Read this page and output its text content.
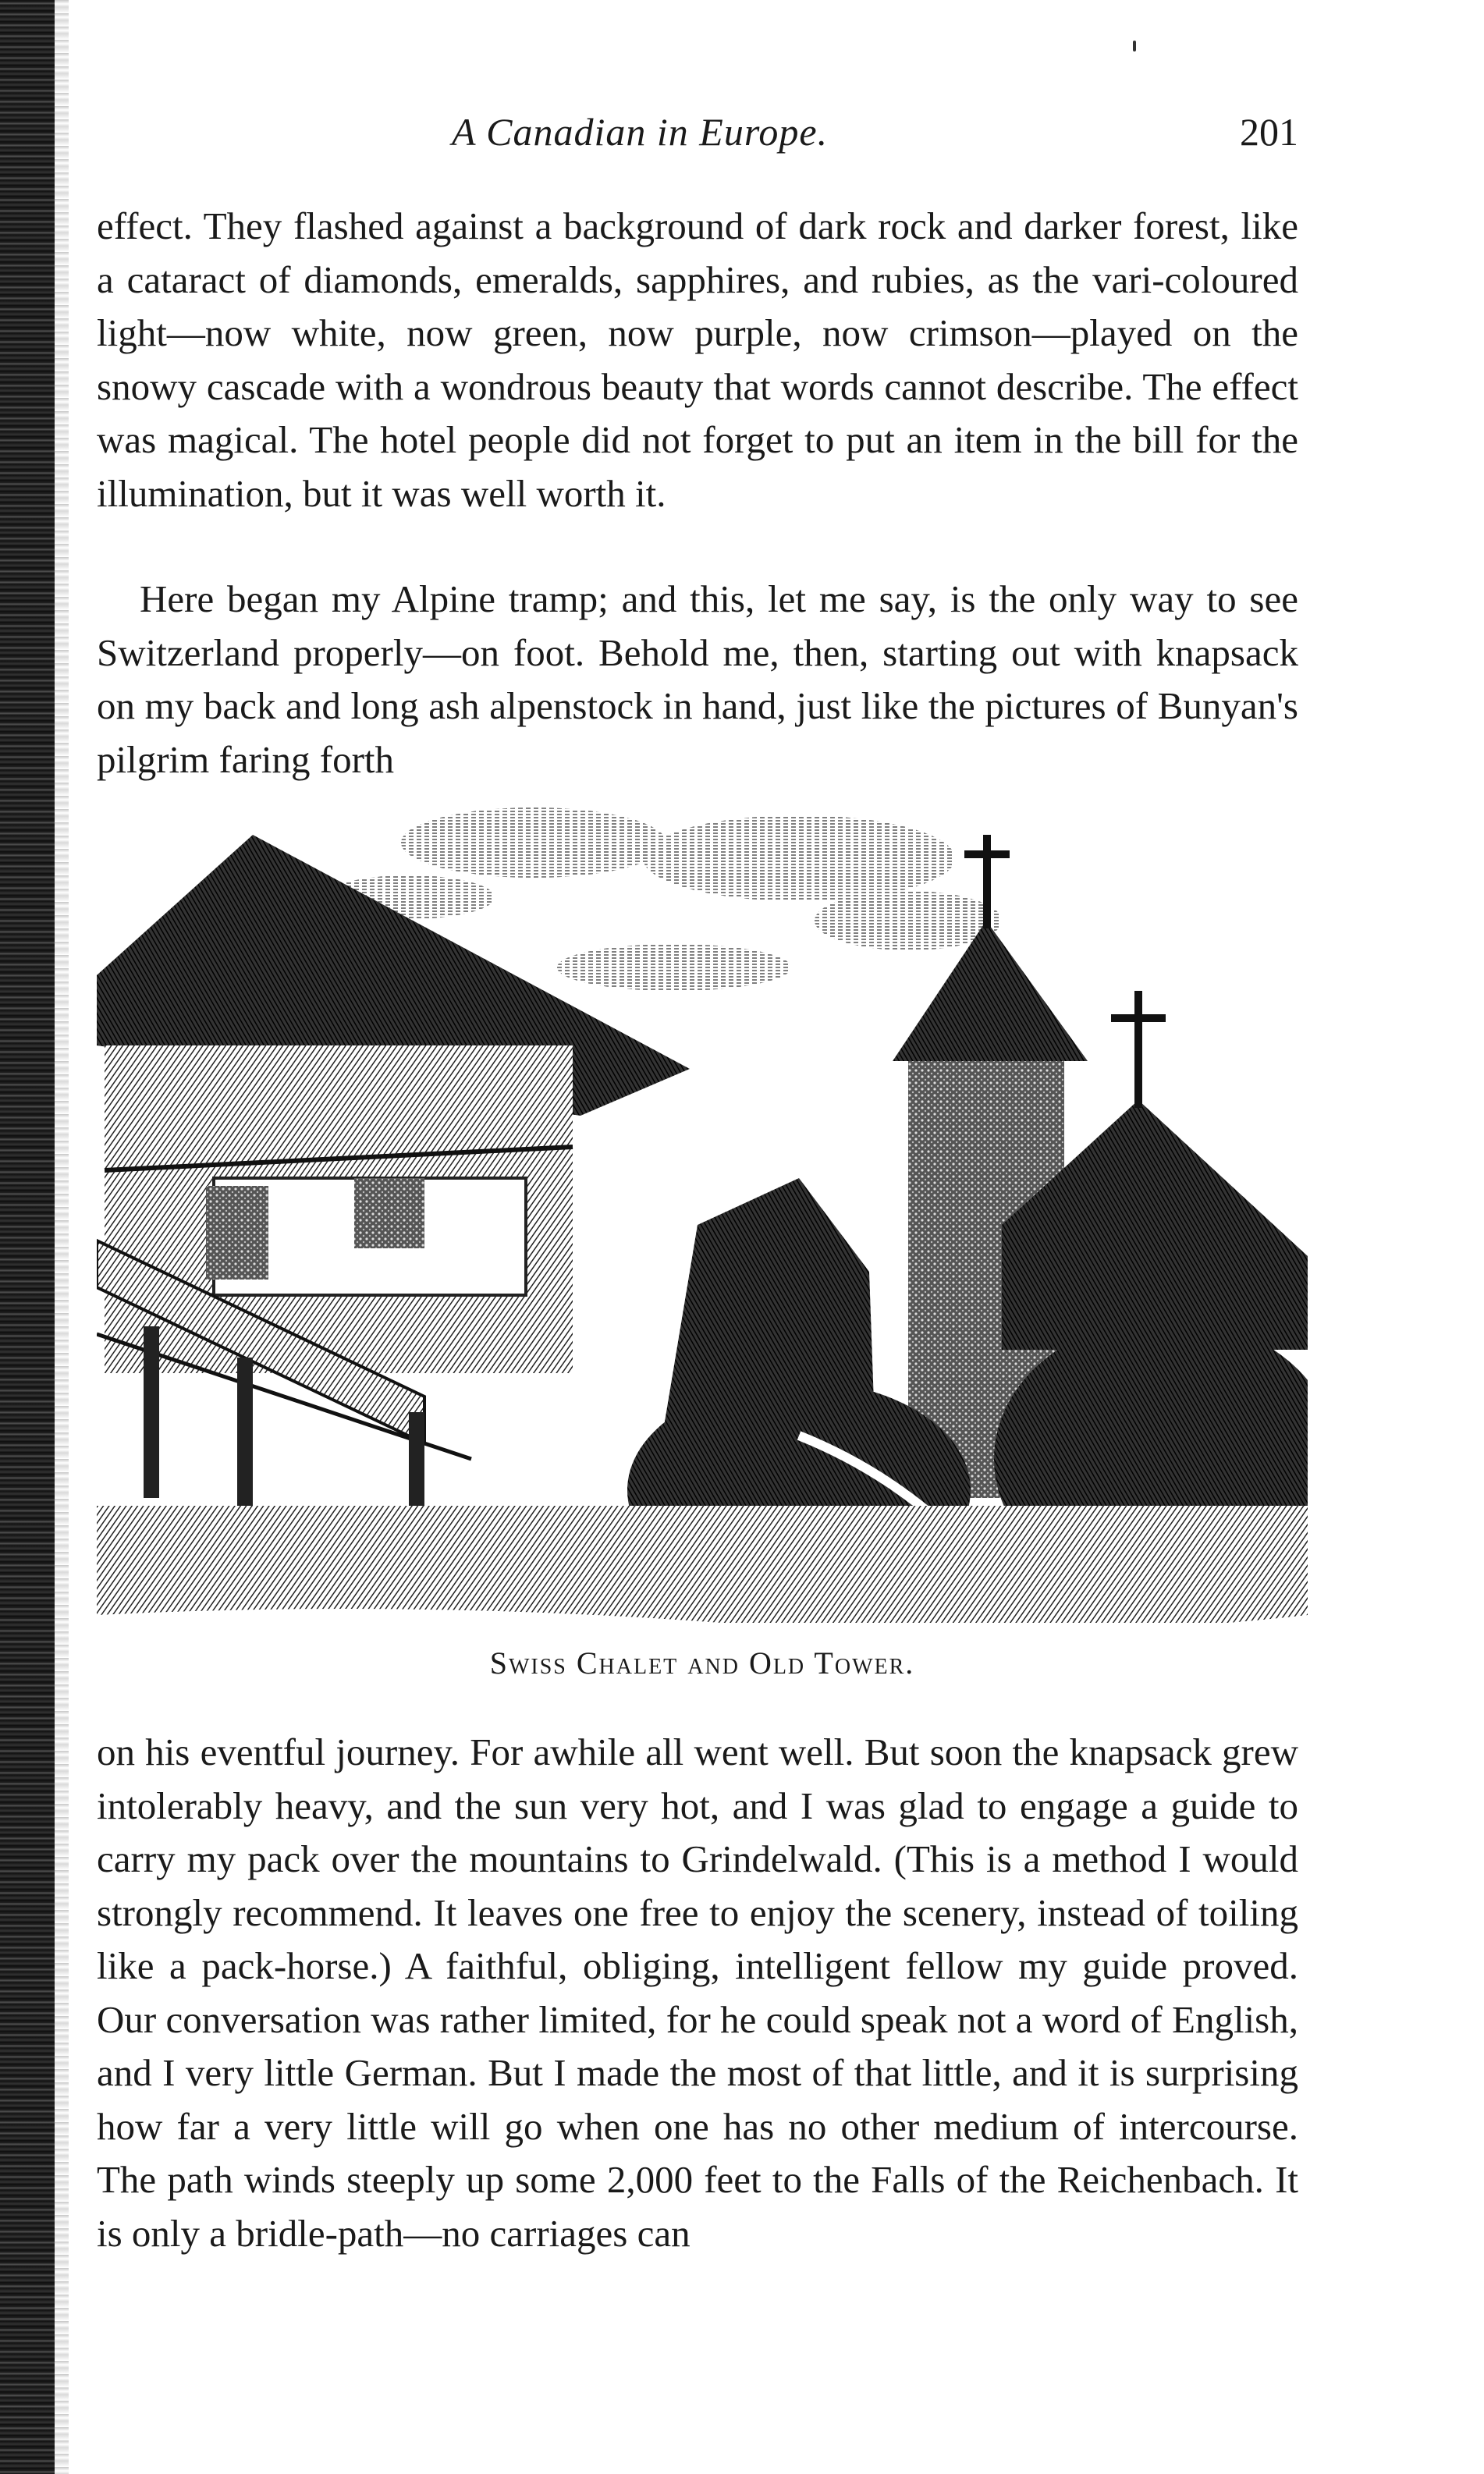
A Canadian in Europe.	201

effect. They flashed against a background of dark rock and darker forest, like a cataract of diamonds, emeralds, sapphires, and rubies, as the vari-coloured light—now white, now green, now purple, now crimson—played on the snowy cascade with a wondrous beauty that words cannot describe. The effect was magical. The hotel people did not forget to put an item in the bill for the illumination, but it was well worth it.

Here began my Alpine tramp; and this, let me say, is the only way to see Switzerland properly—on foot. Behold me, then, starting out with knapsack on my back and long ash alpenstock in hand, just like the pictures of Bunyan's pilgrim faring forth

Swiss Chalet and Old Tower.

on his eventful journey. For awhile all went well. But soon the knapsack grew intolerably heavy, and the sun very hot, and I was glad to engage a guide to carry my pack over the mountains to Grindelwald. (This is a method I would strongly recommend. It leaves one free to enjoy the scenery, instead of toiling like a pack-horse.) A faithful, obliging, intelligent fellow my guide proved. Our conversation was rather limited, for he could speak not a word of English, and I very little German. But I made the most of that little, and it is surprising how far a very little will go when one has no other medium of intercourse. The path winds steeply up some 2,000 feet to the Falls of the Reichenbach. It is only a bridle-path—no carriages can
